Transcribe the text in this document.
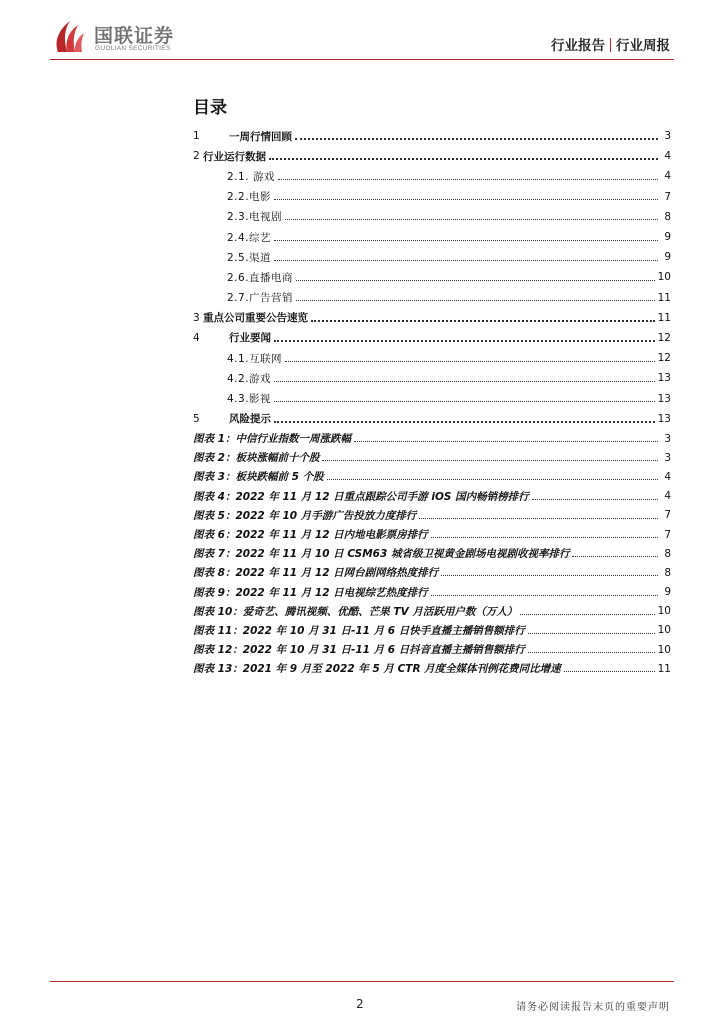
国联证券
GUOLIAN SECURITIES	行业报告 行业周报
目录
1	一周行情回顾	3
2 行业运行数据	4
2.1. 游戏	4
2.2.电影	7
2.3.电视剧	8
2.4.综艺	9
2.5.渠道	9
2.6.直播电商	10
2.7.广告营销	11
3 重点公司重要公告速览	11
4	行业要闻	12
4.1.互联网	12
4.2.游戏	13
4.3.影视	13
5	风险提示	13
图表 1：中信行业指数一周涨跌幅	3
图表 2：板块涨幅前十个股	3
图表 3：板块跌幅前 5 个股	4
图表 4：2022 年 11 月 12 日重点跟踪公司手游 iOS 国内畅销榜排行	4
图表 5：2022 年 10 月手游广告投放力度排行	7
图表 6：2022 年 11 月 12 日内地电影票房排行	7
图表 7：2022 年 11 月 10 日 CSM63 城省级卫视黄金剧场电视剧收视率排行	8
图表 8：2022 年 11 月 12 日网台剧网络热度排行	8
图表 9：2022 年 11 月 12 日电视综艺热度排行	9
图表 10：爱奇艺、腾讯视频、优酷、芒果 TV 月活跃用户数（万人）	10
图表 11：2022 年 10 月 31 日-11 月 6 日快手直播主播销售额排行	10
图表 12：2022 年 10 月 31 日-11 月 6 日抖音直播主播销售额排行	10
图表 13：2021 年 9 月至 2022 年 5 月 CTR 月度全媒体刊例花费同比增速	11
2	请务必阅读报告末页的重要声明
